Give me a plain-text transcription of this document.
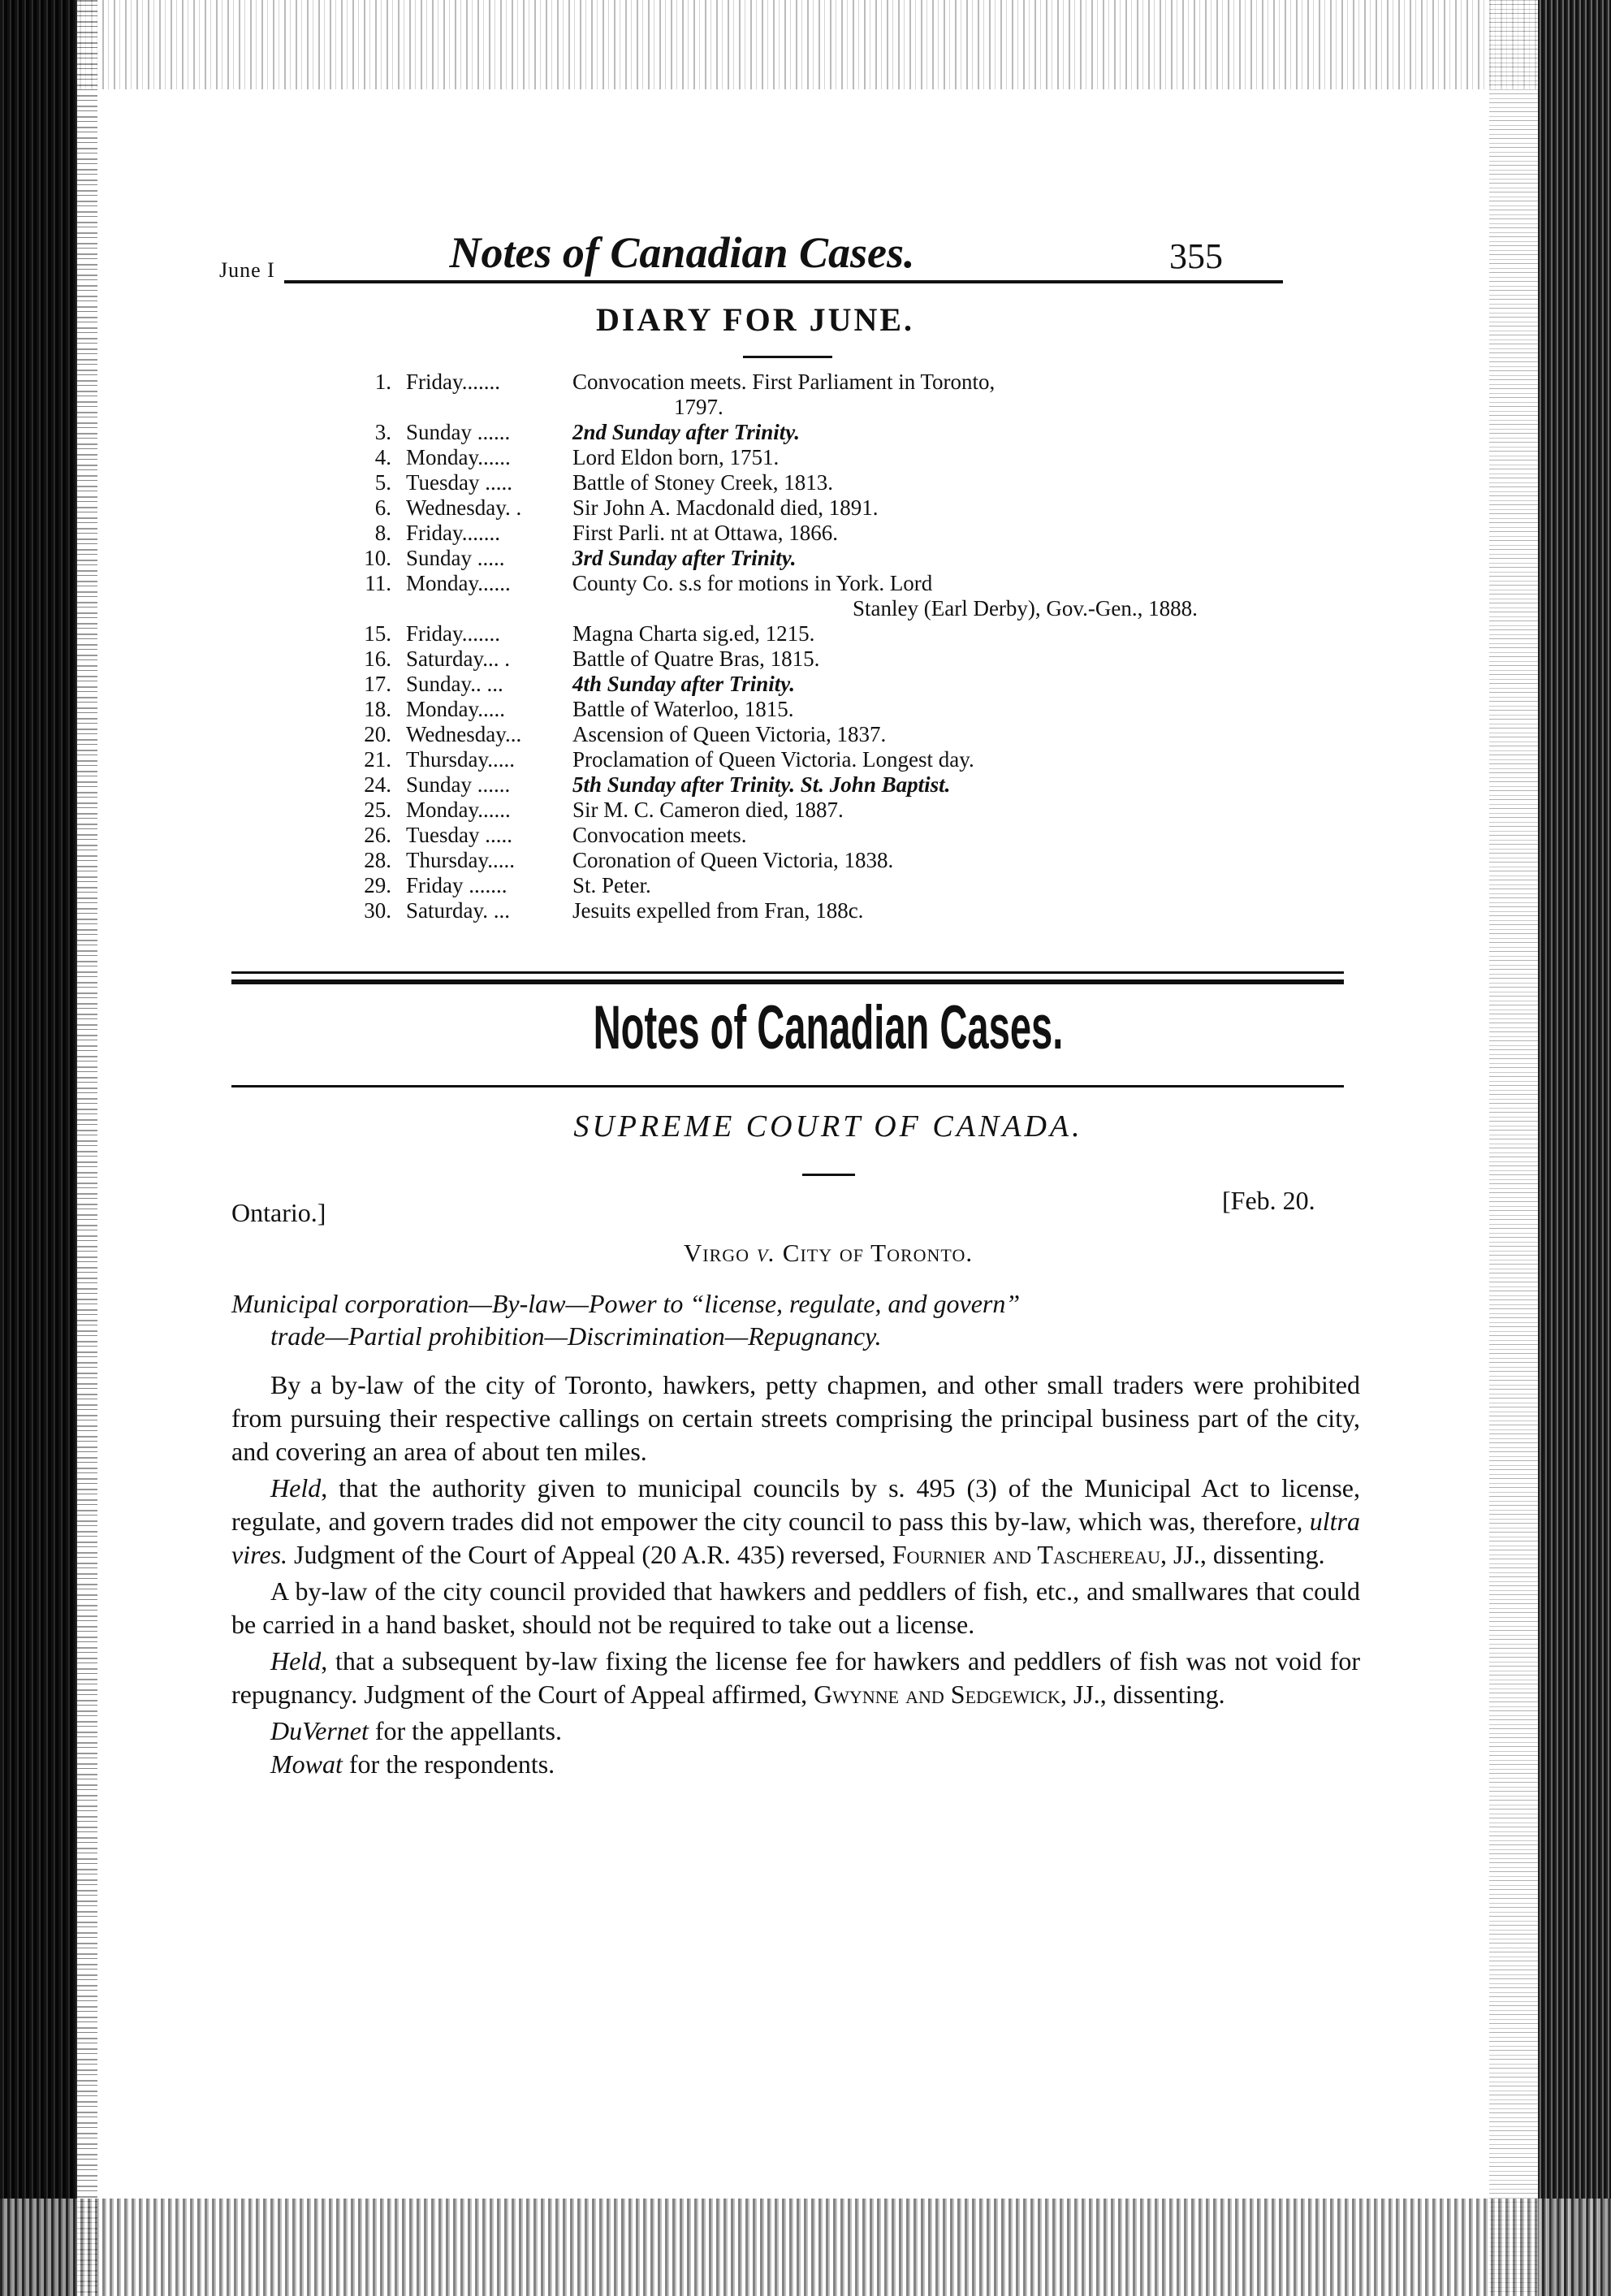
June I	Notes of Canadian Cases.	355
DIARY FOR JUNE.
1. Friday.......	Convocation meets. First Parliament in Toronto,
1797.
3. Sunday ......	2nd Sunday after Trinity.
4. Monday......	Lord Eldon born, 1751.
5. Tuesday .....	Battle of Stoney Creek, 1813.
6. Wednesday. .	Sir John A. Macdonald died, 1891.
8. Friday.......	First Parli. nt at Ottawa, 1866.
10. Sunday .....	3rd Sunday after Trinity.
11. Monday......	County Co. s.s for motions in York. Lord
Stanley (Earl Derby), Gov.-Gen., 1888.
15. Friday.......	Magna Charta sig.ed, 1215.
16. Saturday... .	Battle of Quatre Bras, 1815.
17. Sunday.. ...	4th Sunday after Trinity.
18. Monday.....	Battle of Waterloo, 1815.
20. Wednesday...	Ascension of Queen Victoria, 1837.
21. Thursday.....	Proclamation of Queen Victoria. Longest day.
24. Sunday ......	5th Sunday after Trinity. St. John Baptist.
25. Monday......	Sir M. C. Cameron died, 1887.
26. Tuesday .....	Convocation meets.
28. Thursday.....	Coronation of Queen Victoria, 1838.
29. Friday .......	St. Peter.
30. Saturday. ...	Jesuits expelled from Fran, 188c.
Notes of Canadian Cases.
SUPREME COURT OF CANADA.
Ontario.]	[Feb. 20.
Virgo v. City of Toronto.
Municipal corporation—By-law—Power to “license, regulate, and govern”
trade—Partial prohibition—Discrimination—Repugnancy.

By a by-law of the city of Toronto, hawkers, petty chapmen, and other small traders were prohibited from pursuing their respective callings on certain streets comprising the principal business part of the city, and covering an area of about ten miles.

Held, that the authority given to municipal councils by s. 495 (3) of the Municipal Act to license, regulate, and govern trades did not empower the city council to pass this by-law, which was, therefore, ultra vires. Judgment of the Court of Appeal (20 A.R. 435) reversed, Fournier and Taschereau, JJ., dissenting.

A by-law of the city council provided that hawkers and peddlers of fish, etc., and smallwares that could be carried in a hand basket, should not be required to take out a license.

Held, that a subsequent by-law fixing the license fee for hawkers and peddlers of fish was not void for repugnancy. Judgment of the Court of Appeal affirmed, Gwynne and Sedgewick, JJ., dissenting.

DuVernet for the appellants.

Mowat for the respondents.
